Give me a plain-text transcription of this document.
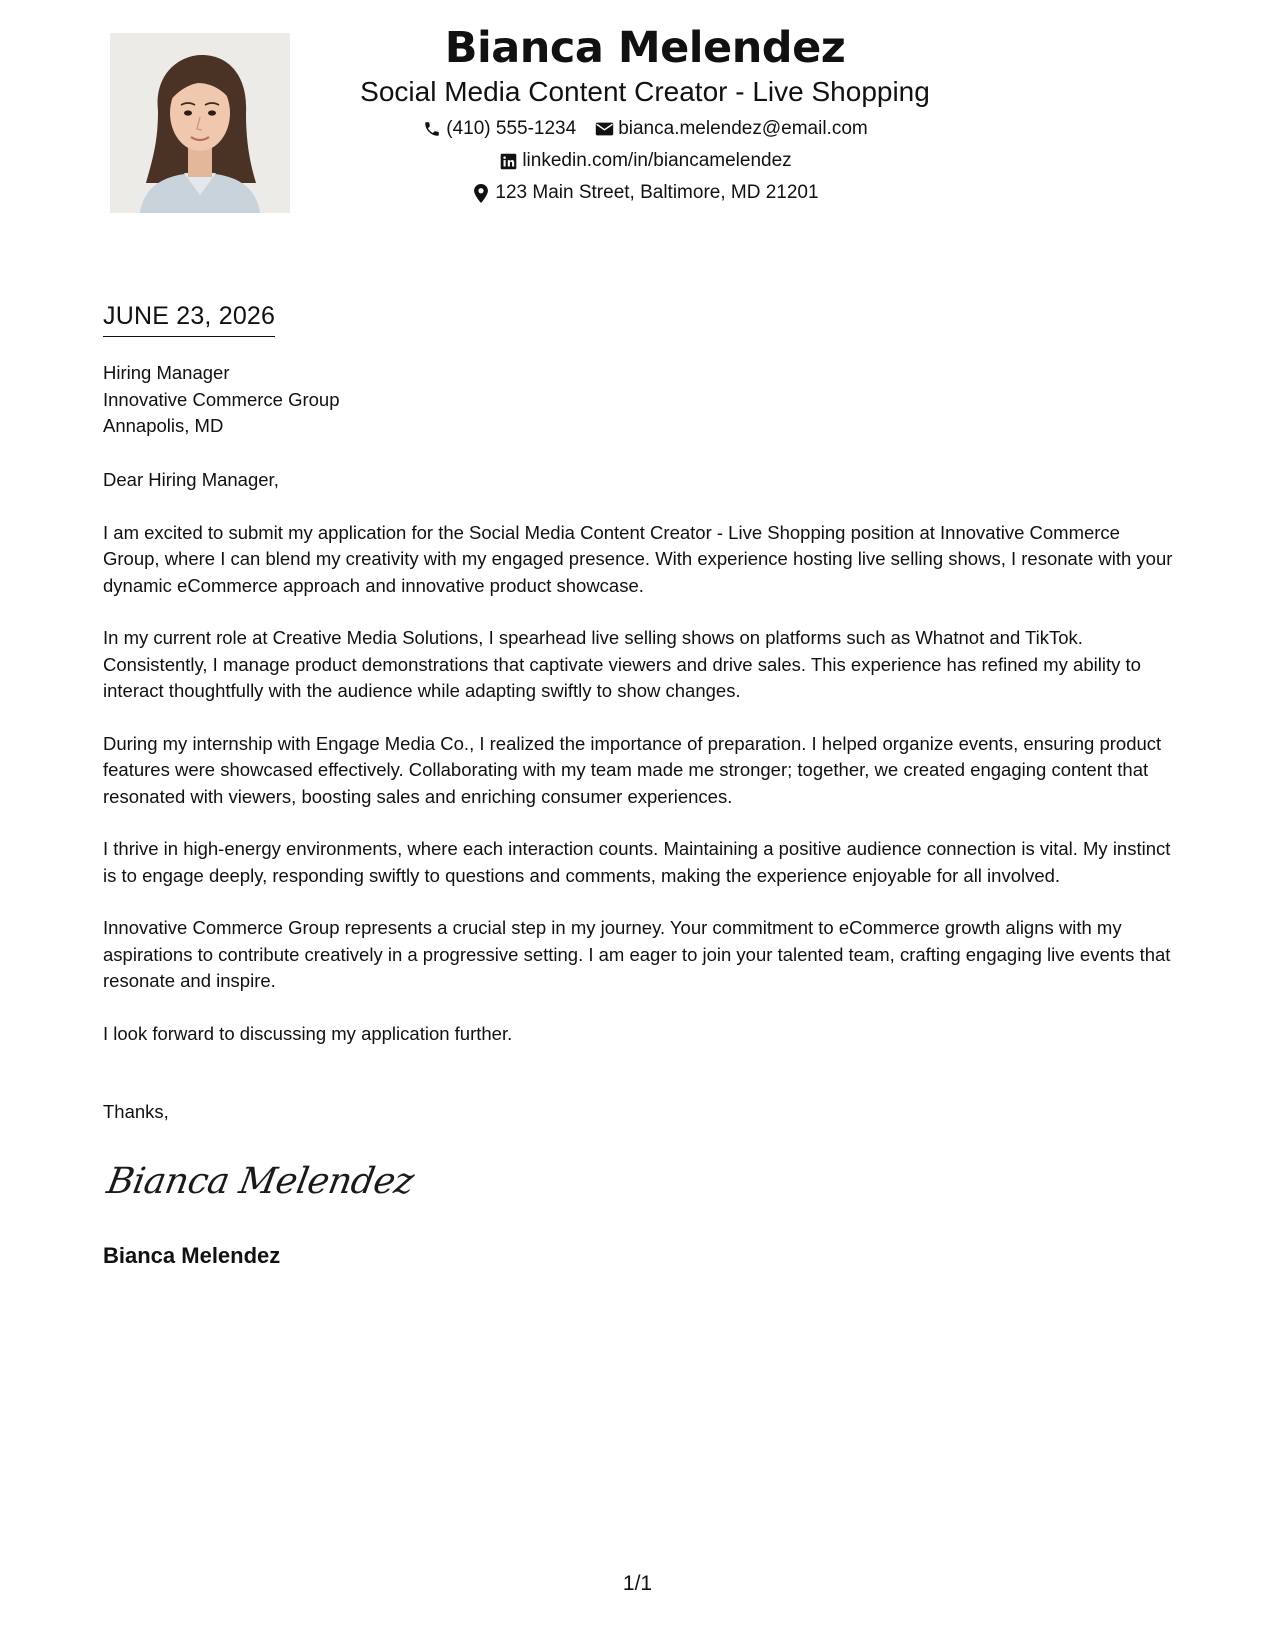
Bianca Melendez
Social Media Content Creator - Live Shopping
(410) 555-1234 bianca.melendez@email.com
linkedin.com/in/biancamelendez
123 Main Street, Baltimore, MD 21201
JUNE 23, 2026
Hiring Manager
Innovative Commerce Group
Annapolis, MD

Dear Hiring Manager,

I am excited to submit my application for the Social Media Content Creator - Live Shopping position at Innovative Commerce Group, where I can blend my creativity with my engaged presence. With experience hosting live selling shows, I resonate with your dynamic eCommerce approach and innovative product showcase.

In my current role at Creative Media Solutions, I spearhead live selling shows on platforms such as Whatnot and TikTok. Consistently, I manage product demonstrations that captivate viewers and drive sales. This experience has refined my ability to interact thoughtfully with the audience while adapting swiftly to show changes.

During my internship with Engage Media Co., I realized the importance of preparation. I helped organize events, ensuring product features were showcased effectively. Collaborating with my team made me stronger; together, we created engaging content that resonated with viewers, boosting sales and enriching consumer experiences.

I thrive in high-energy environments, where each interaction counts. Maintaining a positive audience connection is vital. My instinct is to engage deeply, responding swiftly to questions and comments, making the experience enjoyable for all involved.

Innovative Commerce Group represents a crucial step in my journey. Your commitment to eCommerce growth aligns with my aspirations to contribute creatively in a progressive setting. I am eager to join your talented team, crafting engaging live events that resonate and inspire.

I look forward to discussing my application further.

Thanks,
Bianca Melendez
Bianca Melendez
1/1
